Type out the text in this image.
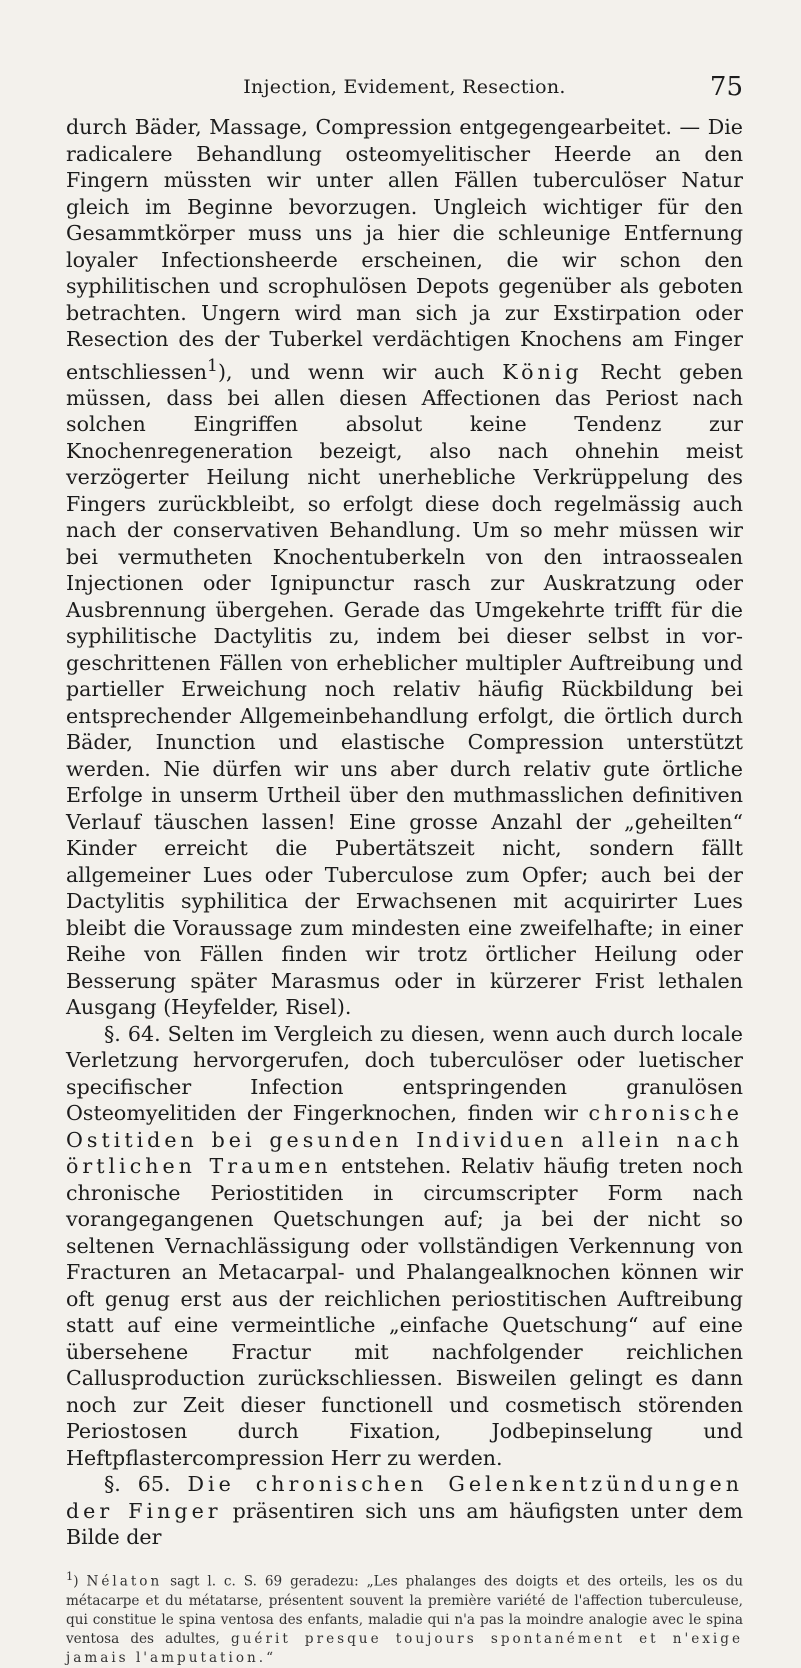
Injection, Evidement, Resection.	75

durch Bäder, Massage, Compression entgegengearbeitet. — Die radicalere Behandlung osteomyelitischer Heerde an den Fingern müssten wir unter allen Fällen tuberculöser Natur gleich im Beginne bevorzugen. Ungleich wichtiger für den Gesammtkörper muss uns ja hier die schleunige Entfernung loyaler Infectionsheerde erscheinen, die wir schon den syphilitischen und scrophulösen Depots gegenüber als geboten betrachten. Ungern wird man sich ja zur Exstirpation oder Resection des der Tuberkel verdächtigen Knochens am Finger entschliessen$^1$), und wenn wir auch König Recht geben müssen, dass bei allen diesen Affectionen das Periost nach solchen Eingriffen absolut keine Tendenz zur Knochenregeneration bezeigt, also nach ohnehin meist verzögerter Heilung nicht unerhebliche Verkrüppelung des Fingers zurückbleibt, so erfolgt diese doch regelmässig auch nach der conservativen Behandlung. Um so mehr müssen wir bei vermutheten Knochentuberkeln von den intraossealen Injectionen oder Ignipunctur rasch zur Auskratzung oder Ausbrennung übergehen. Gerade das Umgekehrte trifft für die syphilitische Dactylitis zu, indem bei dieser selbst in vorgeschrittenen Fällen von erheblicher multipler Auftreibung und partieller Erweichung noch relativ häufig Rückbildung bei entsprechender Allgemeinbehandlung erfolgt, die örtlich durch Bäder, Inunction und elastische Compression unterstützt werden. Nie dürfen wir uns aber durch relativ gute örtliche Erfolge in unserm Urtheil über den muthmasslichen definitiven Verlauf täuschen lassen! Eine grosse Anzahl der „geheilten“ Kinder erreicht die Pubertätszeit nicht, sondern fällt allgemeiner Lues oder Tuberculose zum Opfer; auch bei der Dactylitis syphilitica der Erwachsenen mit acquirirter Lues bleibt die Voraussage zum mindesten eine zweifelhafte; in einer Reihe von Fällen finden wir trotz örtlicher Heilung oder Besserung später Marasmus oder in kürzerer Frist lethalen Ausgang (Heyfelder, Risel).

§. 64. Selten im Vergleich zu diesen, wenn auch durch locale Verletzung hervorgerufen, doch tuberculöser oder luetischer specifischer Infection entspringenden granulösen Osteomyelitiden der Fingerknochen, finden wir chronische Ostitiden bei gesunden Individuen allein nach örtlichen Traumen entstehen. Relativ häufig treten noch chronische Periostitiden in circumscripter Form nach vorangegangenen Quetschungen auf; ja bei der nicht so seltenen Vernachlässigung oder vollständigen Verkennung von Fracturen an Metacarpal- und Phalangealknochen können wir oft genug erst aus der reichlichen periostitischen Auftreibung statt auf eine vermeintliche „einfache Quetschung“ auf eine übersehene Fractur mit nachfolgender reichlichen Callusproduction zurückschliessen. Bisweilen gelingt es dann noch zur Zeit dieser functionell und cosmetisch störenden Periostosen durch Fixation, Jodbepinselung und Heftpflastercompression Herr zu werden.

§. 65. Die chronischen Gelenkentzündungen der Finger präsentiren sich uns am häufigsten unter dem Bilde der

$^1$) Nélaton sagt l. c. S. 69 geradezu: „Les phalanges des doigts et des orteils, les os du métacarpe et du métatarse, présentent souvent la première variété de l'affection tuberculeuse, qui constitue le spina ventosa des enfants, maladie qui n'a pas la moindre analogie avec le spina ventosa des adultes, guérit presque toujours spontanément et n'exige jamais l'amputation.“
